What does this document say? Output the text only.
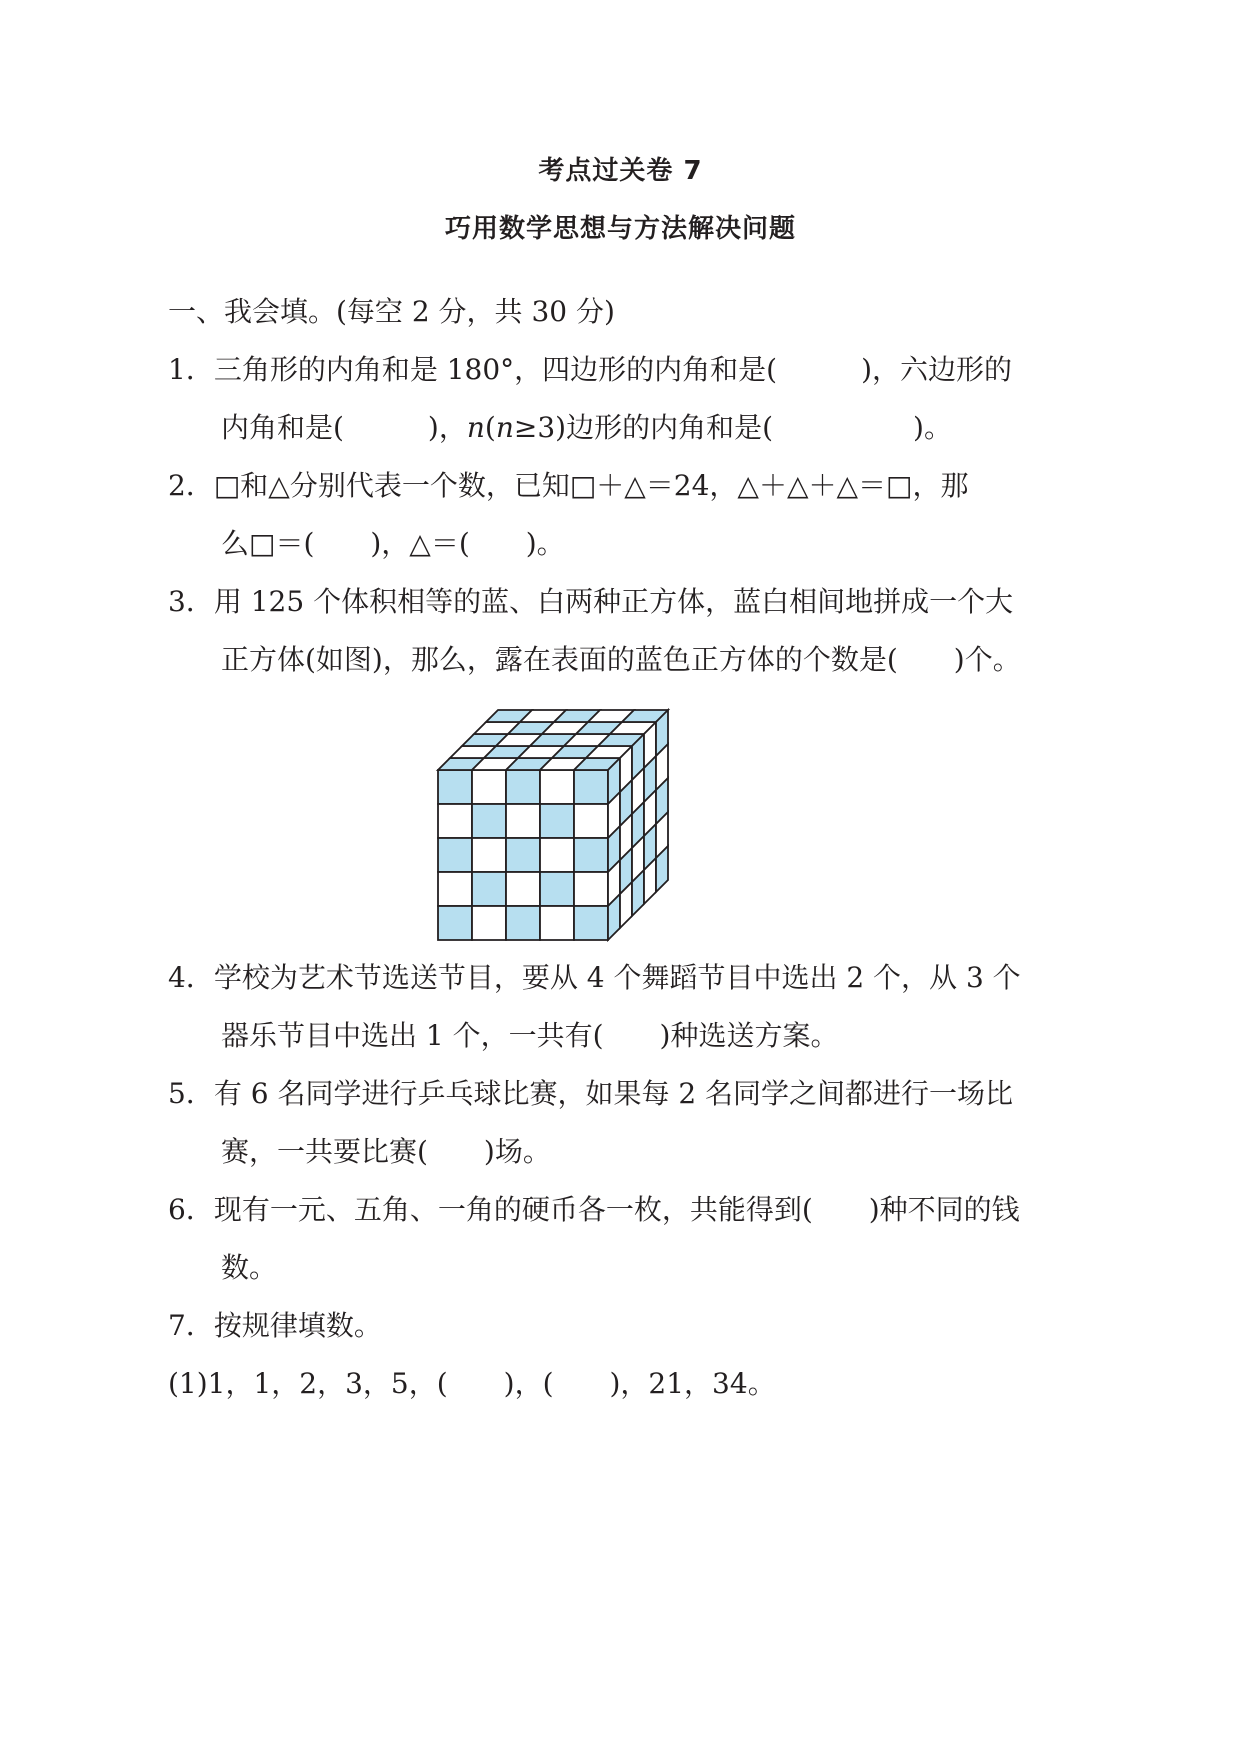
考点过关卷 7
巧用数学思想与方法解决问题
一、我会填。(每空 2 分，共 30 分)
1．三角形的内角和是 180°，四边形的内角和是(　　　)，六边形的
内角和是(　　　)，n(n≥3)边形的内角和是(　　　　　)。
2．□和△分别代表一个数，已知□＋△＝24，△＋△＋△＝□，那
么□＝(　　)，△＝(　　)。
3．用 125 个体积相等的蓝、白两种正方体，蓝白相间地拼成一个大
正方体(如图)，那么，露在表面的蓝色正方体的个数是(　　)个。
4．学校为艺术节选送节目，要从 4 个舞蹈节目中选出 2 个，从 3 个
器乐节目中选出 1 个，一共有(　　)种选送方案。
5．有 6 名同学进行乒乓球比赛，如果每 2 名同学之间都进行一场比
赛，一共要比赛(　　)场。
6．现有一元、五角、一角的硬币各一枚，共能得到(　　)种不同的钱
数。
7．按规律填数。
(1)1，1，2，3，5，(　　)，(　　)，21，34。
